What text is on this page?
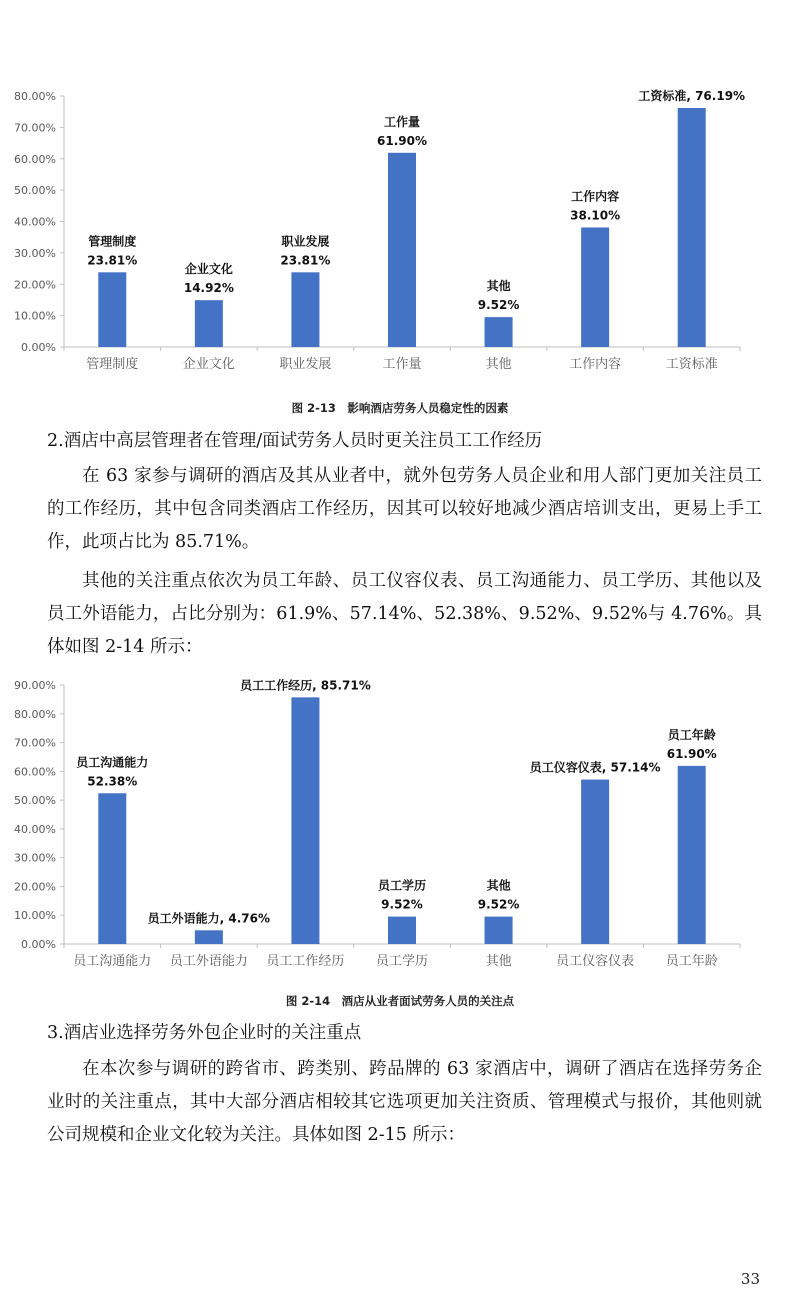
0.00%
10.00%
20.00%
30.00%
40.00%
50.00%
60.00%
70.00%
80.00%
管理制度
管理制度
23.81%
企业文化
企业文化
14.92%
职业发展
职业发展
23.81%
工作量
工作量
61.90%
其他
其他
9.52%
工作内容
工作内容
38.10%
工资标准
工资标准, 76.19%
图 2-13　影响酒店劳务人员稳定性的因素
2.酒店中高层管理者在管理/面试劳务人员时更关注员工工作经历
在 63 家参与调研的酒店及其从业者中，就外包劳务人员企业和用人部门更加关注员工的工作经历，其中包含同类酒店工作经历，因其可以较好地减少酒店培训支出，更易上手工作，此项占比为 85.71%。
其他的关注重点依次为员工年龄、员工仪容仪表、员工沟通能力、员工学历、其他以及员工外语能力，占比分别为：61.9%、57.14%、52.38%、9.52%、9.52%与 4.76%。具体如图 2-14 所示：
0.00%
10.00%
20.00%
30.00%
40.00%
50.00%
60.00%
70.00%
80.00%
90.00%
员工沟通能力
员工沟通能力
52.38%
员工外语能力
员工外语能力, 4.76%
员工工作经历
员工工作经历, 85.71%
员工学历
员工学历
9.52%
其他
其他
9.52%
员工仪容仪表
员工仪容仪表, 57.14%
员工年龄
员工年龄
61.90%
图 2-14　酒店从业者面试劳务人员的关注点
3.酒店业选择劳务外包企业时的关注重点
在本次参与调研的跨省市、跨类别、跨品牌的 63 家酒店中，调研了酒店在选择劳务企业时的关注重点，其中大部分酒店相较其它选项更加关注资质、管理模式与报价，其他则就公司规模和企业文化较为关注。具体如图 2-15 所示：
33
